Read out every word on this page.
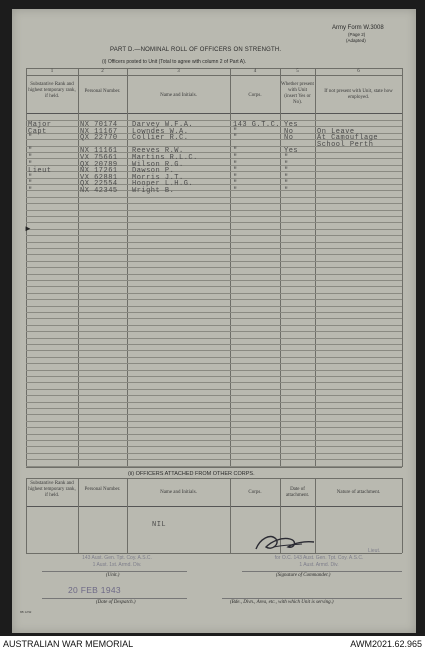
Army Form W.3008
(Page 2)
(Adapted)
PART D.—NOMINAL ROLL OF OFFICERS ON STRENGTH.
(i) Officers posted to Unit (Total to agree with column 2 of Part A).
1	2	3	4	5	6
Substantive Rank and highest temporary rank, if held.
Personal Number.
Name and Initials.	Corps.
Whether present with Unit (insert Yes or No).
If not present with Unit, state how employed.
Major	NX 70174 Darvey W.F.A.	143 G.T.C. Yes
Capt	NX 11167 Lowndes W.A.	"	No	On Leave
"	QX 22770 Collier R.C.	"	No	At Camouflage
School Perth
"	NX 11161 Reeves R.W.	"	Yes
"	VX 75661 Martins R.L.C.	"	"
"	QX 20789 Wilson R.G.	"	"
Lieut	NX 17261 Dawson P.	"	"
"	VX 62881 Morris J.T.	"	"
"	QX 22554 Hooper L.H.G.	"	"
"	NX 42345 Wright B.	"	"
►
(ii) OFFICERS ATTACHED FROM OTHER CORPS.
Substantive Rank and highest temporary rank, if held.
Personal Number.
Name and Initials.	Corps.
Date of attachment.
Nature of attachment.
NIL
143 Aust. Gen. Tpt. Coy. A.S.C.
1 Aust. 1st. Armd. Div.
(Unit.)
Lieut.
for O.C. 143 Aust. Gen. Tpt. Coy. A.S.C.
1 Aust. Armd. Div.
(Signature of Commander.)
20 FEB 1943
(Date of Despatch.)	(Bde., Divn., Area, etc., with which Unit is serving.)
88 1232
AUSTRALIAN WAR MEMORIAL	AWM2021.62.965
